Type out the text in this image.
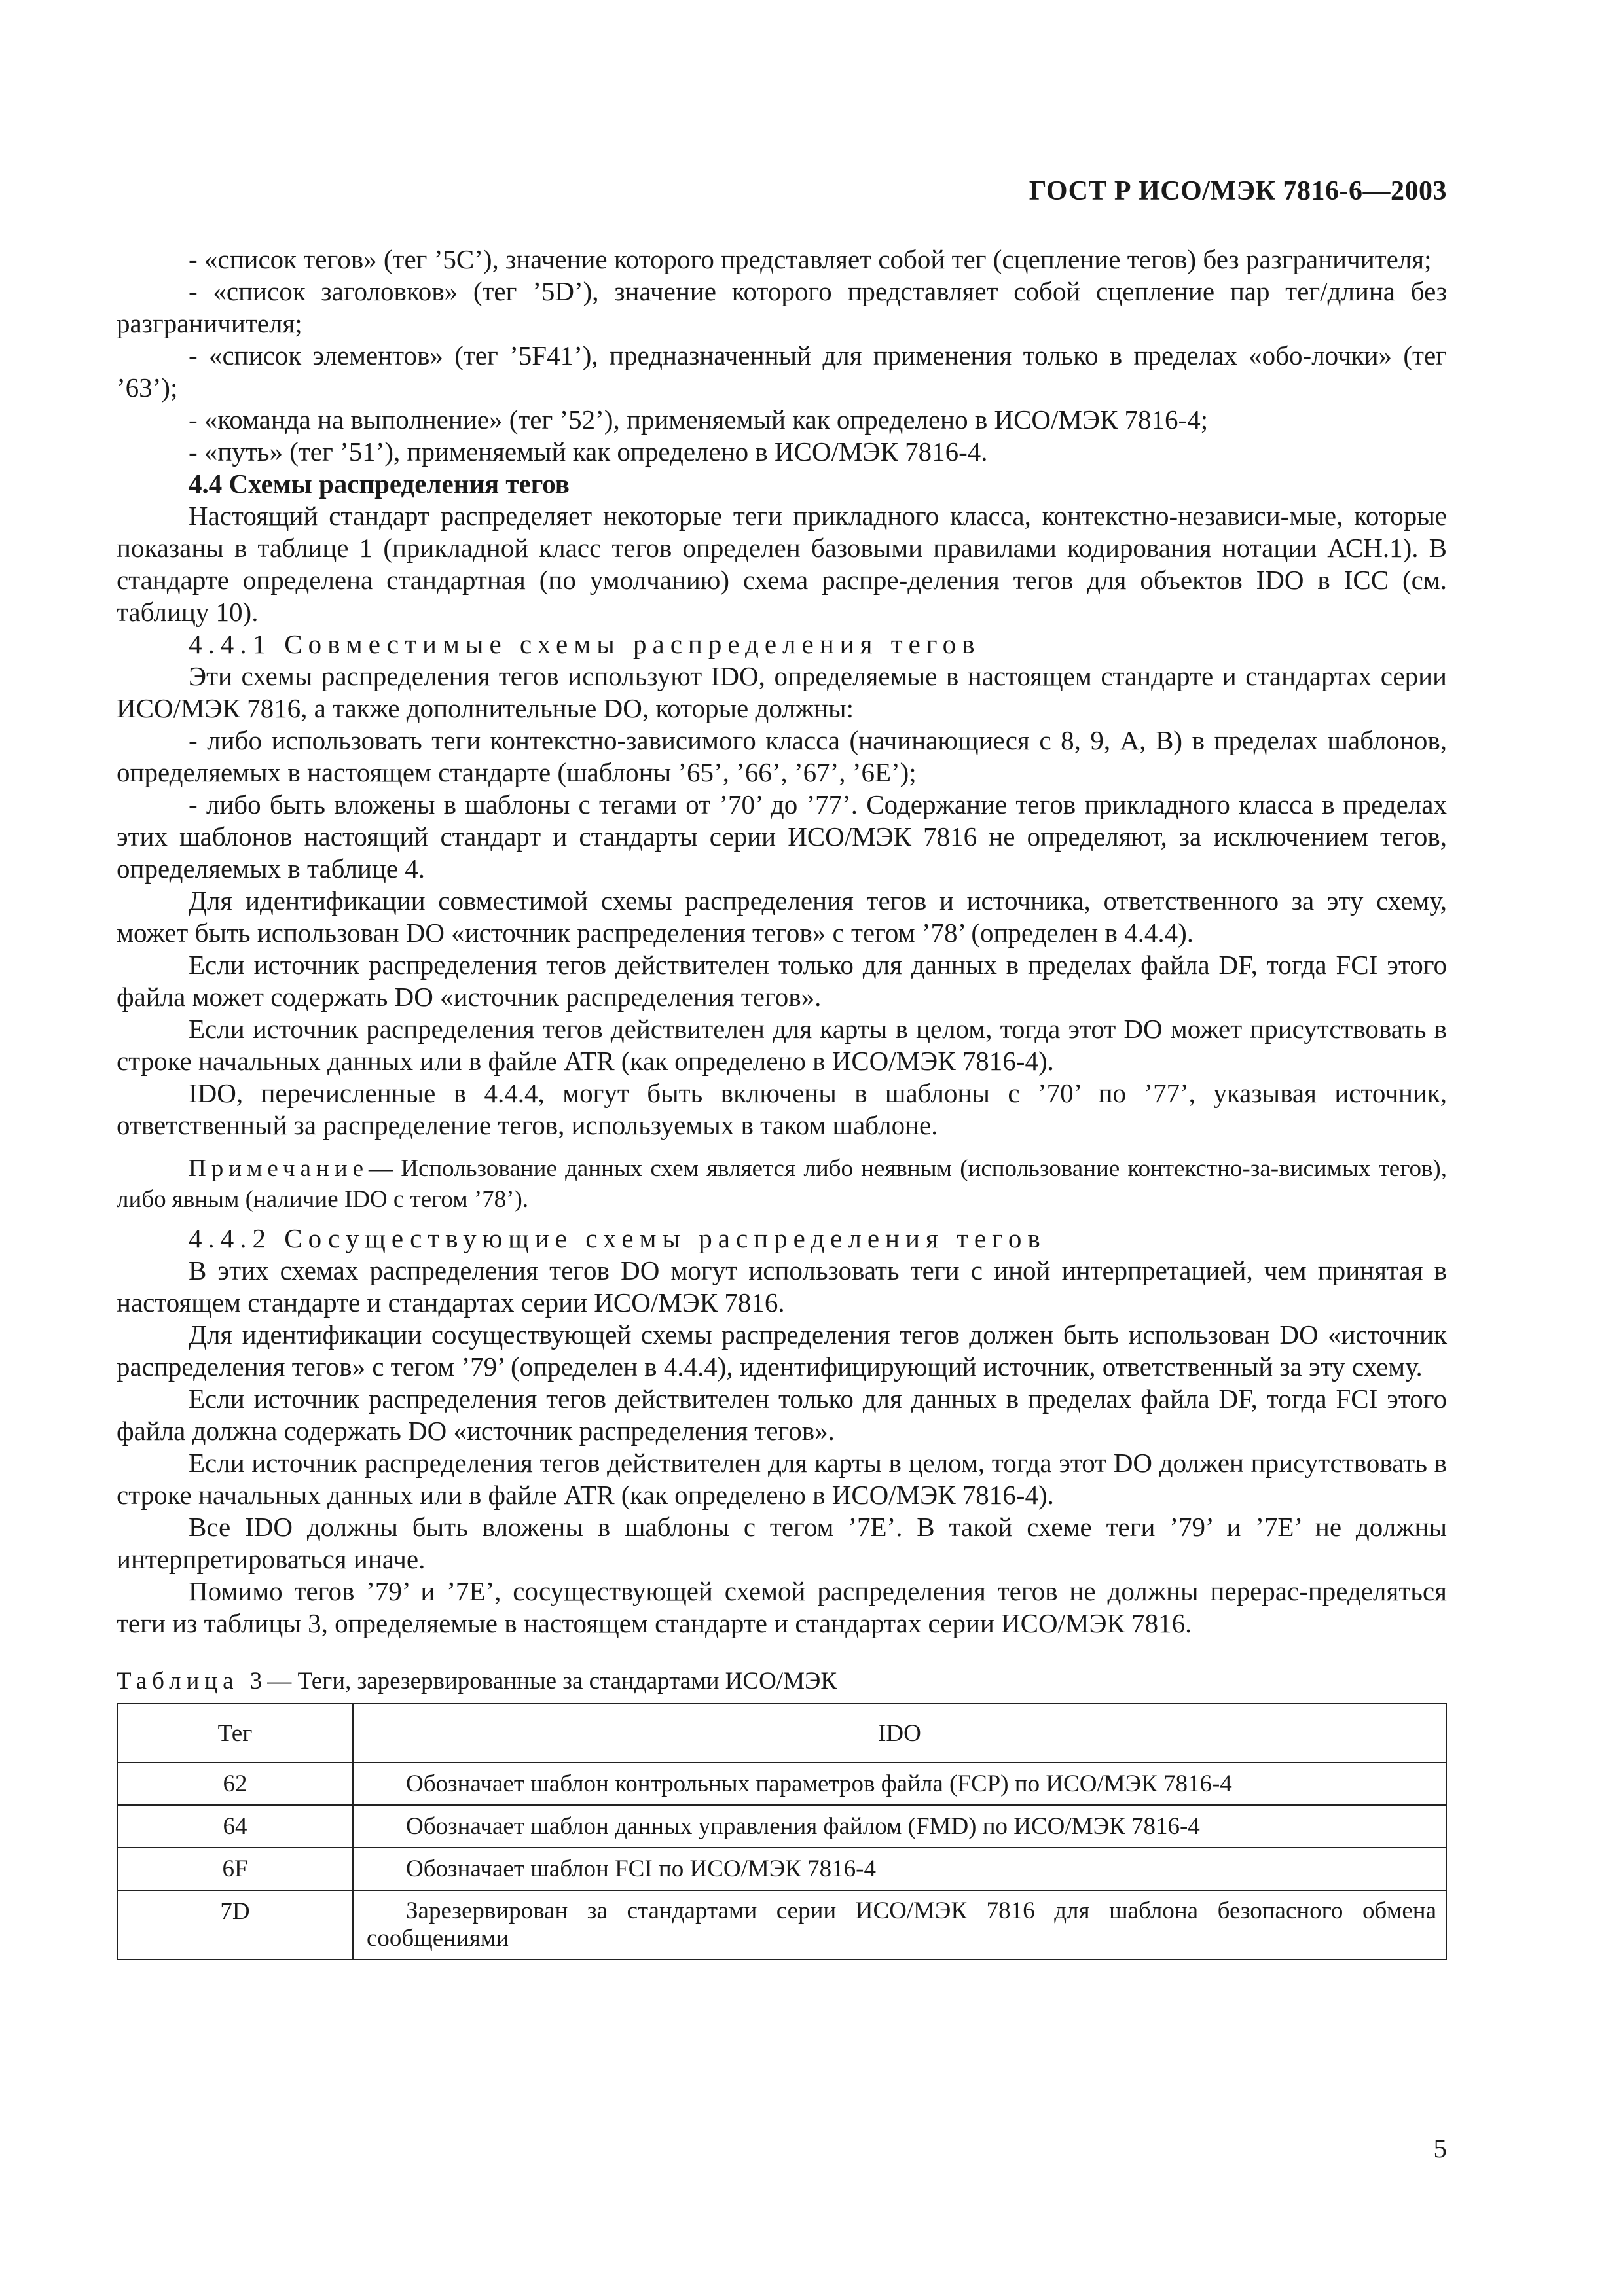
ГОСТ Р ИСО/МЭК 7816-6—2003

- «список тегов» (тег ’5C’), значение которого представляет собой тег (сцепление тегов) без разграничителя;

- «список заголовков» (тег ’5D’), значение которого представляет собой сцепление пар тег/длина без разграничителя;

- «список элементов» (тег ’5F41’), предназначенный для применения только в пределах «обо-лочки» (тег ’63’);

- «команда на выполнение» (тег ’52’), применяемый как определено в ИСО/МЭК 7816-4;

- «путь» (тег ’51’), применяемый как определено в ИСО/МЭК 7816-4.

4.4 Схемы распределения тегов

Настоящий стандарт распределяет некоторые теги прикладного класса, контекстно-независи-мые, которые показаны в таблице 1 (прикладной класс тегов определен базовыми правилами кодирования нотации АСН.1). В стандарте определена стандартная (по умолчанию) схема распре-деления тегов для объектов IDO в ICC (см. таблицу 10).

4.4.1 Совместимые схемы распределения тегов

Эти схемы распределения тегов используют IDO, определяемые в настоящем стандарте и стандартах серии ИСО/МЭК 7816, а также дополнительные DO, которые должны:

- либо использовать теги контекстно-зависимого класса (начинающиеся с 8, 9, А, В) в пределах шаблонов, определяемых в настоящем стандарте (шаблоны ’65’, ’66’, ’67’, ’6E’);

- либо быть вложены в шаблоны с тегами от ’70’ до ’77’. Содержание тегов прикладного класса в пределах этих шаблонов настоящий стандарт и стандарты серии ИСО/МЭК 7816 не определяют, за исключением тегов, определяемых в таблице 4.

Для идентификации совместимой схемы распределения тегов и источника, ответственного за эту схему, может быть использован DO «источник распределения тегов» с тегом ’78’ (определен в 4.4.4).

Если источник распределения тегов действителен только для данных в пределах файла DF, тогда FCI этого файла может содержать DO «источник распределения тегов».

Если источник распределения тегов действителен для карты в целом, тогда этот DO может присутствовать в строке начальных данных или в файле ATR (как определено в ИСО/МЭК 7816-4).

IDO, перечисленные в 4.4.4, могут быть включены в шаблоны с ’70’ по ’77’, указывая источник, ответственный за распределение тегов, используемых в таком шаблоне.

Примечание— Использование данных схем является либо неявным (использование контекстно-за-висимых тегов), либо явным (наличие IDO с тегом ’78’).

4.4.2 Сосуществующие схемы распределения тегов

В этих схемах распределения тегов DO могут использовать теги с иной интерпретацией, чем принятая в настоящем стандарте и стандартах серии ИСО/МЭК 7816.

Для идентификации сосуществующей схемы распределения тегов должен быть использован DO «источник распределения тегов» с тегом ’79’ (определен в 4.4.4), идентифицирующий источник, ответственный за эту схему.

Если источник распределения тегов действителен только для данных в пределах файла DF, тогда FCI этого файла должна содержать DO «источник распределения тегов».

Если источник распределения тегов действителен для карты в целом, тогда этот DO должен присутствовать в строке начальных данных или в файле ATR (как определено в ИСО/МЭК 7816-4).

Все IDO должны быть вложены в шаблоны с тегом ’7E’. В такой схеме теги ’79’ и ’7E’ не должны интерпретироваться иначе.

Помимо тегов ’79’ и ’7E’, сосуществующей схемой распределения тегов не должны перерас-пределяться теги из таблицы 3, определяемые в настоящем стандарте и стандартах серии ИСО/МЭК 7816.

Таблица 3— Теги, зарезервированные за стандартами ИСО/МЭК

Тег	IDO
62	Обозначает шаблон контрольных параметров файла (FCP) по ИСО/МЭК 7816-4
64	Обозначает шаблон данных управления файлом (FMD) по ИСО/МЭК 7816-4
6F	Обозначает шаблон FCI по ИСО/МЭК 7816-4
7D	Зарезервирован за стандартами серии ИСО/МЭК 7816 для шаблона безопасного обмена сообщениями
5
